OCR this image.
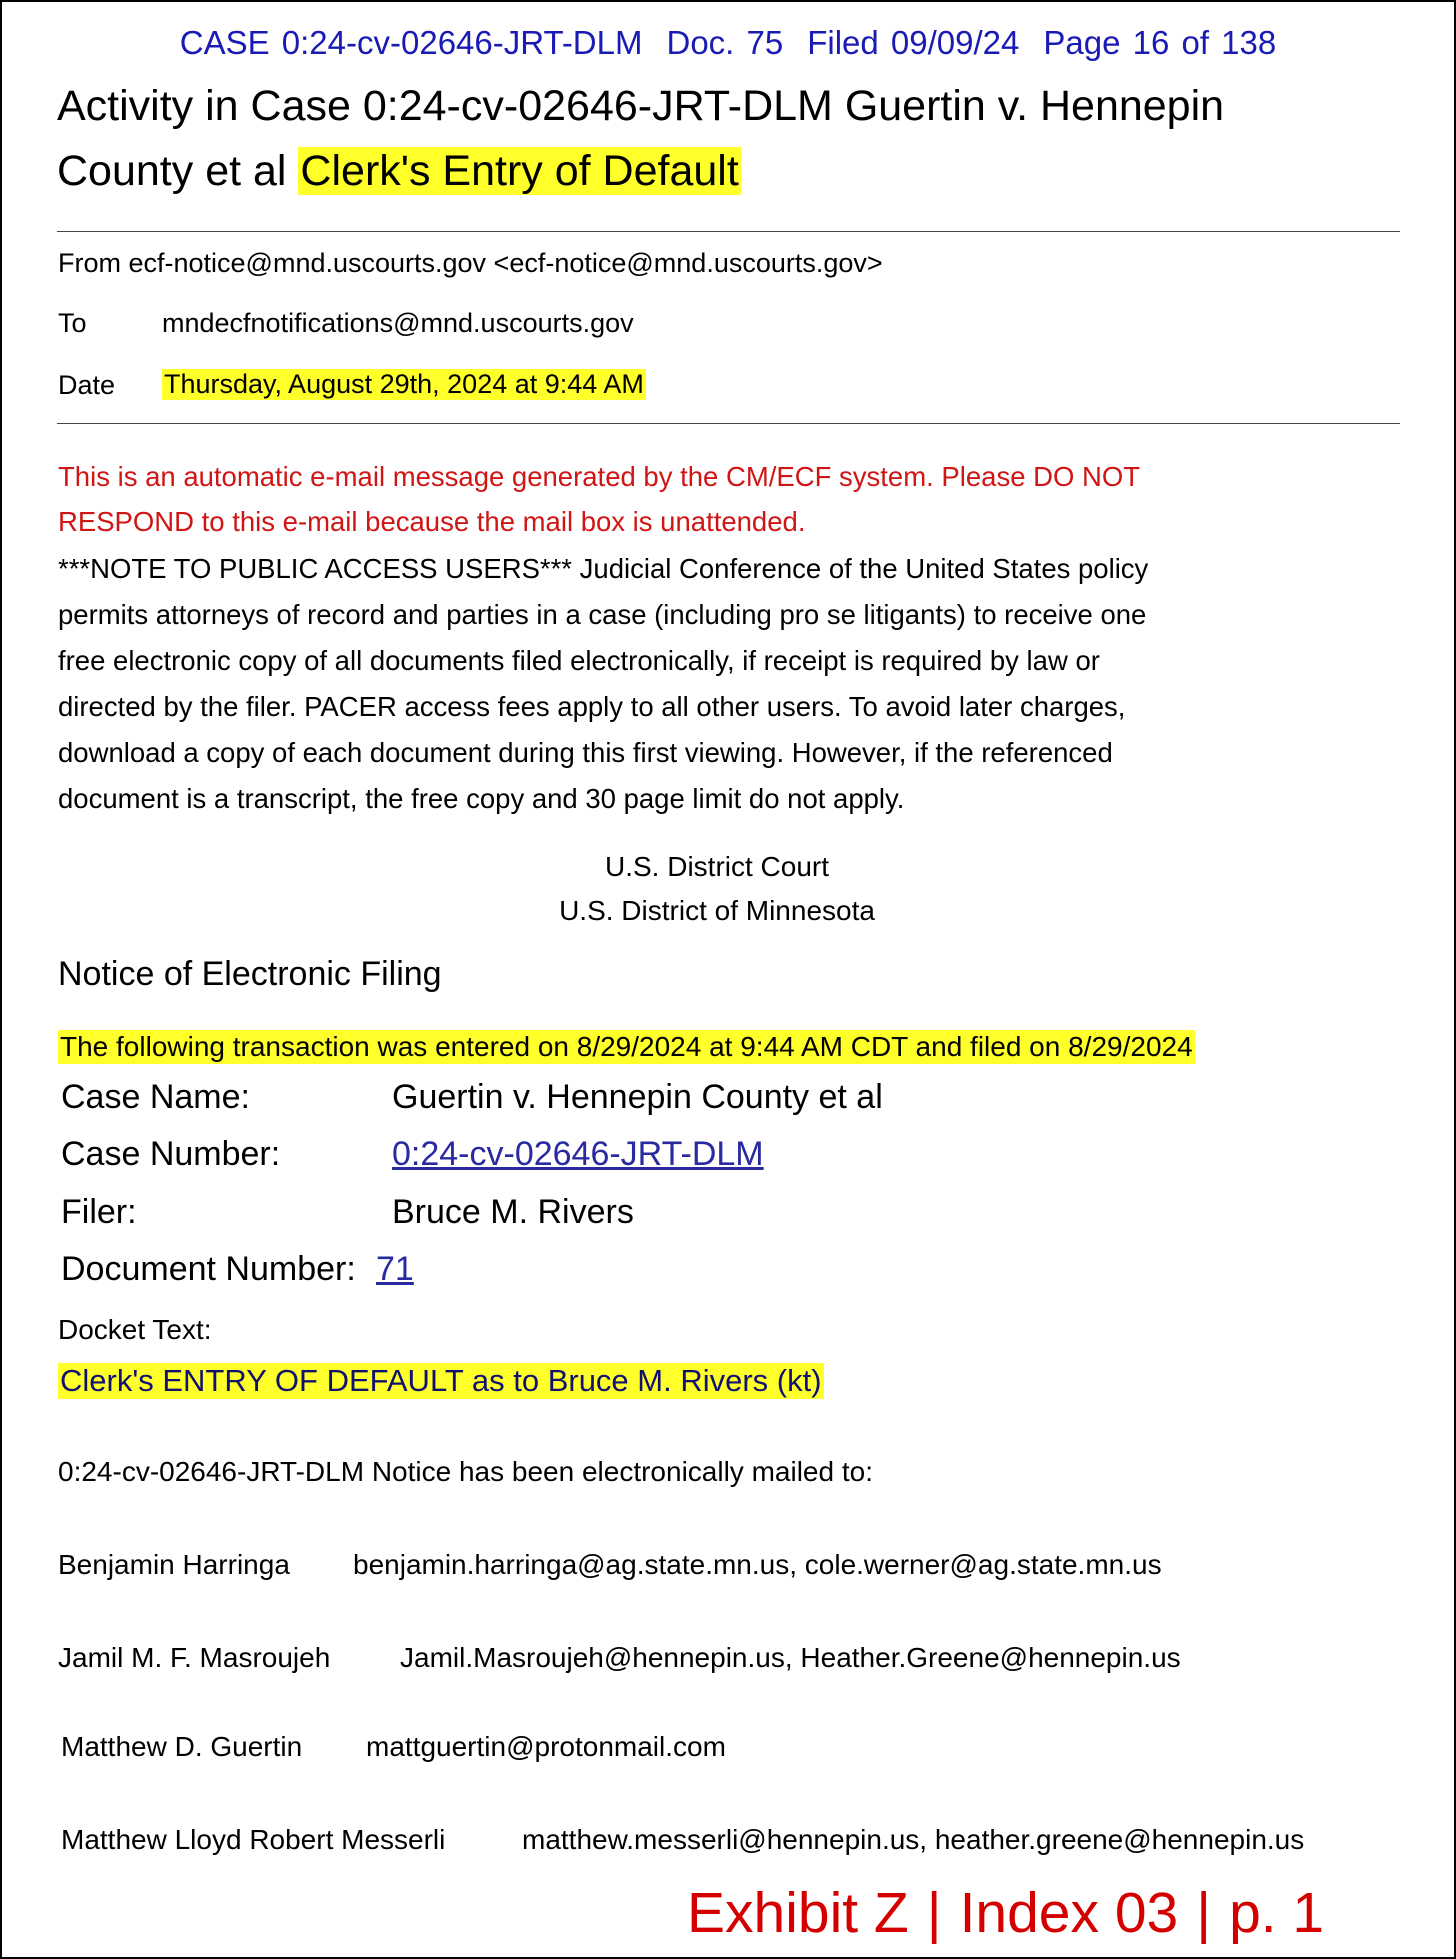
CASE 0:24-cv-02646-JRT-DLM Doc. 75 Filed 09/09/24 Page 16 of 138
Activity in Case 0:24-cv-02646-JRT-DLM Guertin v. Hennepin
County et al Clerk's Entry of Default
From ecf-notice@mnd.uscourts.gov <ecf-notice@mnd.uscourts.gov>
To	mndecfnotifications@mnd.uscourts.gov
Date Thursday, August 29th, 2024 at 9:44 AM
This is an automatic e-mail message generated by the CM/ECF system. Please DO NOT
RESPOND to this e-mail because the mail box is unattended.
***NOTE TO PUBLIC ACCESS USERS*** Judicial Conference of the United States policy
permits attorneys of record and parties in a case (including pro se litigants) to receive one
free electronic copy of all documents filed electronically, if receipt is required by law or
directed by the filer. PACER access fees apply to all other users. To avoid later charges,
download a copy of each document during this first viewing. However, if the referenced
document is a transcript, the free copy and 30 page limit do not apply.
U.S. District Court
U.S. District of Minnesota
Notice of Electronic Filing
The following transaction was entered on 8/29/2024 at 9:44 AM CDT and filed on 8/29/2024
Case Name:	Guertin v. Hennepin County et al
Case Number:	0:24-cv-02646-JRT-DLM
Filer:	Bruce M. Rivers
Document Number: 71
Docket Text:
Clerk's ENTRY OF DEFAULT as to Bruce M. Rivers (kt)
0:24-cv-02646-JRT-DLM Notice has been electronically mailed to:
Benjamin Harringa benjamin.harringa@ag.state.mn.us, cole.werner@ag.state.mn.us
Jamil M. F. Masroujeh Jamil.Masroujeh@hennepin.us, Heather.Greene@hennepin.us
Matthew D. Guertin mattguertin@protonmail.com
Matthew Lloyd Robert Messerli	matthew.messerli@hennepin.us, heather.greene@hennepin.us
Exhibit Z | Index 03 | p. 1
